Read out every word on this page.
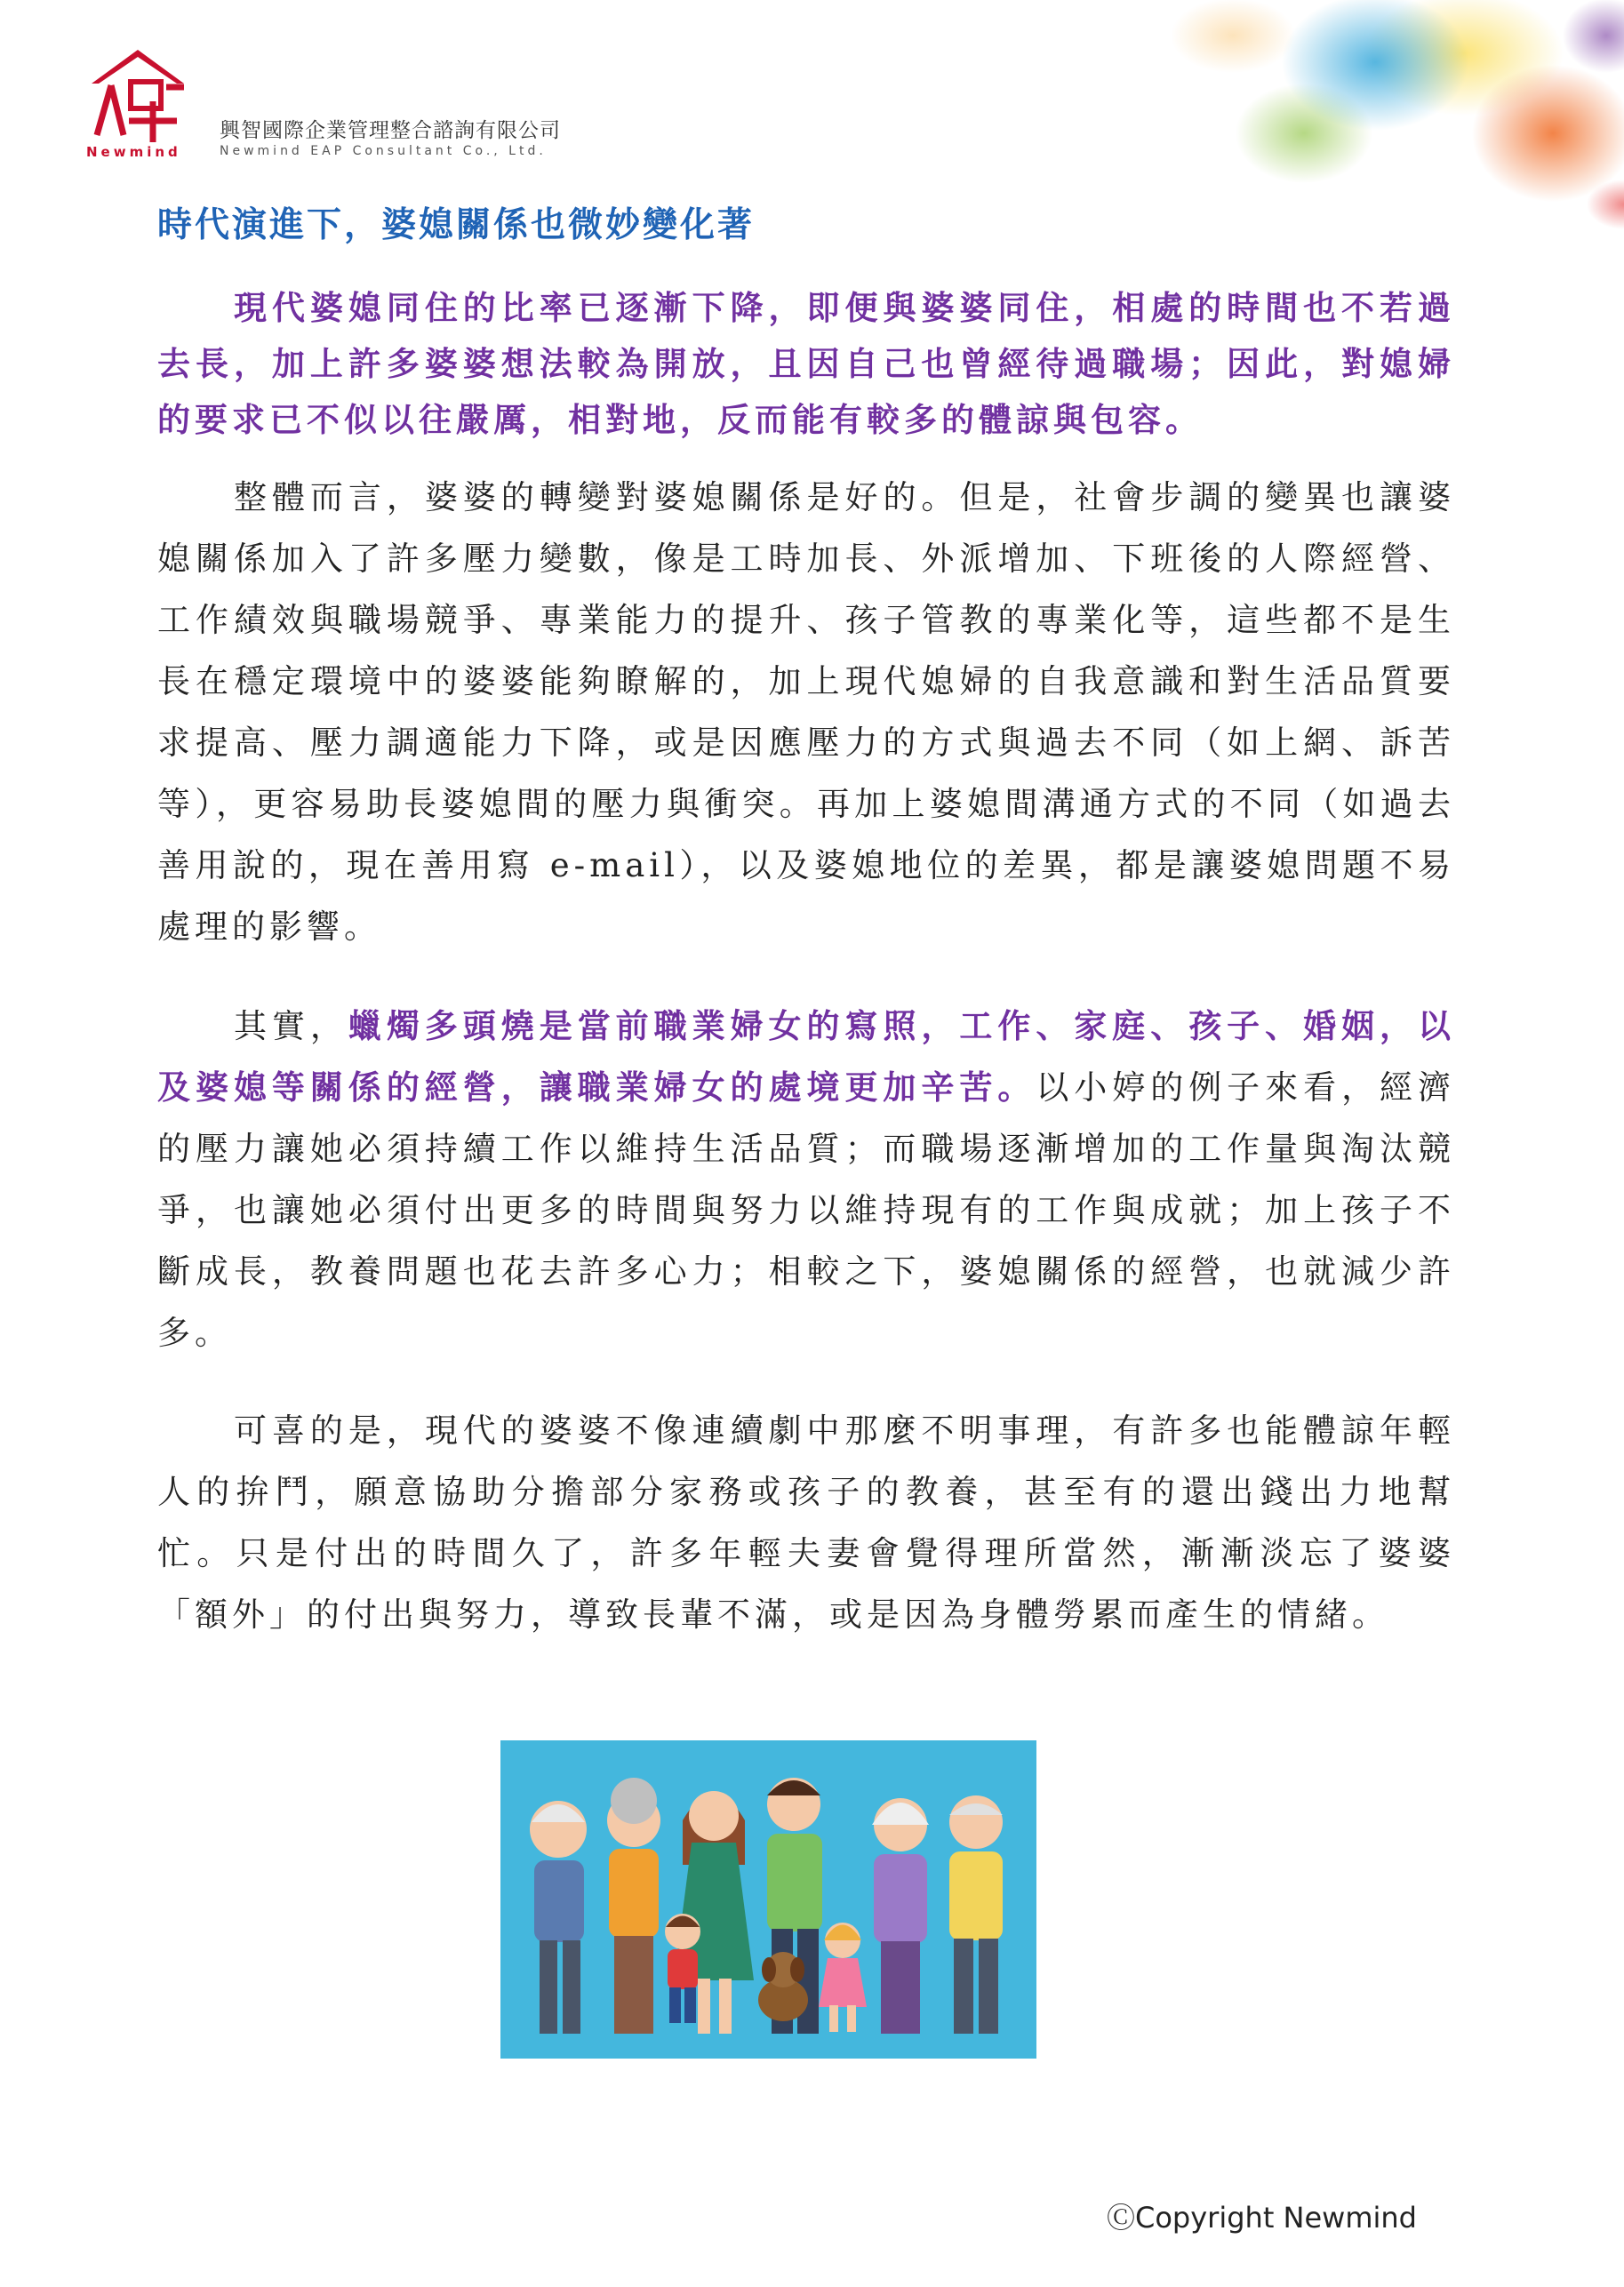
Newmind
興智國際企業管理整合諮詢有限公司
Newmind EAP Consultant Co., Ltd.
時代演進下，婆媳關係也微妙變化著

現代婆媳同住的比率已逐漸下降，即便與婆婆同住，相處的時間也不若過去長，加上許多婆婆想法較為開放，且因自己也曾經待過職場；因此，對媳婦的要求已不似以往嚴厲，相對地，反而能有較多的體諒與包容。

整體而言，婆婆的轉變對婆媳關係是好的。但是，社會步調的變異也讓婆媳關係加入了許多壓力變數，像是工時加長、外派增加、下班後的人際經營、工作績效與職場競爭、專業能力的提升、孩子管教的專業化等，這些都不是生長在穩定環境中的婆婆能夠瞭解的，加上現代媳婦的自我意識和對生活品質要求提高、壓力調適能力下降，或是因應壓力的方式與過去不同（如上網、訴苦等），更容易助長婆媳間的壓力與衝突。再加上婆媳間溝通方式的不同（如過去善用說的，現在善用寫 e-mail），以及婆媳地位的差異，都是讓婆媳問題不易處理的影響。

其實，蠟燭多頭燒是當前職業婦女的寫照，工作、家庭、孩子、婚姻，以及婆媳等關係的經營，讓職業婦女的處境更加辛苦。以小婷的例子來看，經濟的壓力讓她必須持續工作以維持生活品質；而職場逐漸增加的工作量與淘汰競爭，也讓她必須付出更多的時間與努力以維持現有的工作與成就；加上孩子不斷成長，教養問題也花去許多心力；相較之下，婆媳關係的經營，也就減少許多。

可喜的是，現代的婆婆不像連續劇中那麼不明事理，有許多也能體諒年輕人的拚鬥，願意協助分擔部分家務或孩子的教養，甚至有的還出錢出力地幫忙。只是付出的時間久了，許多年輕夫妻會覺得理所當然，漸漸淡忘了婆婆「額外」的付出與努力，導致長輩不滿，或是因為身體勞累而產生的情緒。

ⒸCopyright Newmind
